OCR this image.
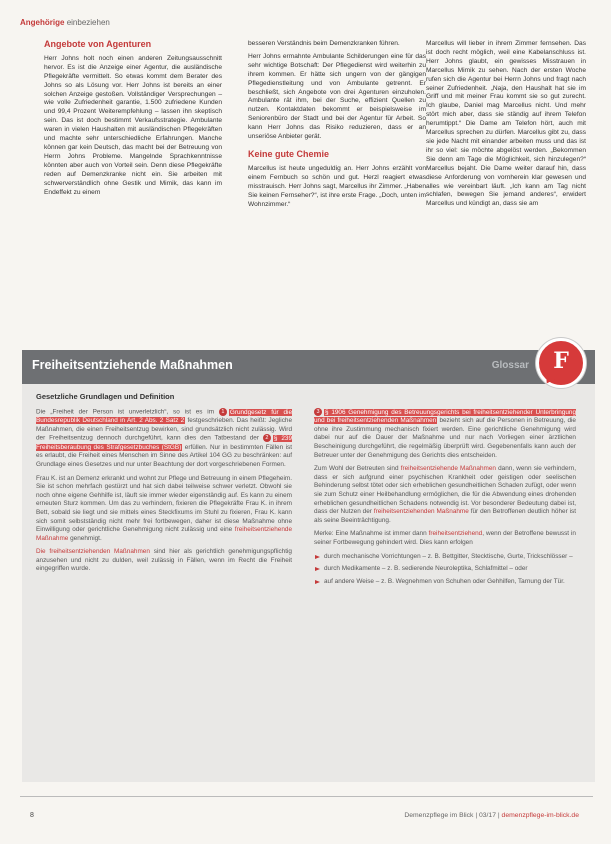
Angehörige einbeziehen
Angebote von Agenturen

Herr Johns holt noch einen anderen Zeitungsausschnitt hervor. Es ist die Anzeige einer Agentur, die ausländische Pflegekräfte vermittelt. So etwas kommt dem Berater des Johns so als Lösung vor. Herr Johns ist bereits an einer solchen Anzeige gestoßen. Vollständiger Versprechungen – wie volle Zufriedenheit garantie, 1.500 zufriedene Kunden und 99,4 Prozent Weiterempfehlung – lassen ihn skeptisch sein. Das ist doch bestimmt Verkaufsstrategie. Ambulante waren in vielen Haushalten mit ausländischen Pflegekräften und machte sehr unterschiedliche Erfahrungen. Manche können gar kein Deutsch, das macht bei der Betreuung von Herrn Johns Probleme. Mangelnde Sprachkenntnisse könnten aber auch von Vorteil sein. Denn diese Pflegekräfte reden auf Demenzkranke nicht ein. Sie arbeiten mit schwerverständlich ohne Gestik und Mimik, das kann im Endeffekt zu einem

besseren Verständnis beim Demenzkranken führen.

Herr Johns ermahnte Ambulante Schilderungen eine für das sehr wichtige Botschaft: Der Pflegedienst wird weiterhin zu ihrem kommen. Er hätte sich ungern von der gängigen Pflegedienstleitung und von Ambulante getrennt. Er beschließt, sich Angebote von drei Agenturen einzuholen. Ambulante rät ihm, bei der Suche, effizient Quellen zu nutzen. Kontaktdaten bekommt er beispielsweise im Seniorenbüro der Stadt und bei der Agentur für Arbeit. So kann Herr Johns das Risiko reduzieren, dass er an unseriöse Anbieter gerät.

Keine gute Chemie

Marcellus ist heute ungeduldig an. Herr Johns erzählt von einem Fernbuch so schön und gut. Herzl reagiert etwas misstrauisch. Herr Johns sagt, Marcellus ihr Zimmer. „Haben Sie keinen Fernseher?“, ist ihre erste Frage. „Doch, unten im Wohnzimmer.“

Marcellus will lieber in ihrem Zimmer fernsehen. Das ist doch recht möglich, weil eine Kabelanschluss ist. Herr Johns glaubt, ein gewisses Misstrauen in Marcellus Mimik zu sehen. Nach der ersten Woche rufen sich die Agentur bei Herrn Johns und fragt nach seiner Zufriedenheit. „Naja, den Haushalt hat sie im Griff und mit meiner Frau kommt sie so gut zurecht. Ich glaube, Daniel mag Marcellus nicht. Und mehr stört mich aber, dass sie ständig auf ihrem Telefon herumtippt.“ Die Dame am Telefon hört, auch mit Marcellus sprechen zu dürfen. Marcellus gibt zu, dass sie jede Nacht mit einander arbeiten muss und das ist ihr so viel: sie möchte abgelöst werden. „Bekommen Sie denn am Tage die Möglichkeit, sich hinzulegen?“ Marcellus bejaht. Die Dame weiter darauf hin, dass diese Anforderung von vornherein klar gewesen und alles wie vereinbart läuft. „Ich kann am Tag nicht schlafen, bewegen Sie jemand anderes“, erwidert Marcellus und kündigt an, dass sie am

Freiheitsentziehende Maßnahmen	Glossar	F
Gesetzliche Grundlagen und Definition

Die „Freiheit der Person ist unverletzlich“, so ist es im 1 Grundgesetz für die Bundesrepublik Deutschland in Art. 2 Abs. 2 Satz 2 festgeschrieben. Das heißt: Jegliche Maßnahmen, die einen Freiheitsentzug bewirken, sind grundsätzlich nicht zulässig. Wird der Freiheitsentzug dennoch durchgeführt, kann dies den Tatbestand der 2 § 239 Freiheitsberaubung des Strafgesetzbuches (StGB) erfüllen. Nur in bestimmten Fällen ist es erlaubt, die Freiheit eines Menschen im Sinne des Artikel 104 GG zu beschränken: auf Grundlage eines Gesetzes und nur unter Beachtung der dort vorgeschriebenen Formen.

Frau K. ist an Demenz erkrankt und wohnt zur Pflege und Betreuung in einem Pflegeheim. Sie ist schon mehrfach gestürzt und hat sich dabei teilweise schwer verletzt. Obwohl sie noch ohne eigene Gehhilfe ist, läuft sie immer wieder eigenständig auf. Es kann zu einem erneuten Sturz kommen. Um das zu verhindern, fixieren die Pflegekräfte Frau K. in ihrem Bett, sobald sie liegt und sie mittels eines Steckfixums im Stuhl zu fixieren, Frau K. kann sich somit selbstständig nicht mehr frei fortbewegen, daher ist diese Maßnahme ohne Einwilligung oder gerichtliche Genehmigung nicht zulässig und eine freiheitsentziehende Maßnahme genehmigt.

Die freiheitsentziehenden Maßnahmen sind hier als gerichtlich genehmigungspflichtig anzusehen und nicht zu dulden, weil zulässig in Fällen, wenn im Recht die Freiheit eingegriffen wurde.

3 § 1906 Genehmigung des Betreuungsgerichts bei freiheitsentziehender Unterbringung und bei freiheitsentziehenden Maßnahmen bezieht sich auf die Personen in Betreuung, die ohne ihre Zustimmung mechanisch fixiert werden. Eine gerichtliche Genehmigung wird dabei nur auf die Dauer der Maßnahme und nur nach Vorliegen einer ärztlichen Bescheinigung durchgeführt, die regelmäßig überprüft wird. Gegebenenfalls kann auch der Betreuer unter der Genehmigung des Gerichts dies entscheiden.

Zum Wohl der Betreuten sind freiheitsentziehende Maßnahmen dann, wenn sie verhindern, dass er sich aufgrund einer psychischen Krankheit oder geistigen oder seelischen Behinderung selbst tötet oder sich erheblichen gesundheitlichen Schaden zufügt, oder wenn sie zum Schutz einer Heilbehandlung ermöglichen, die für die Abwendung eines drohenden erheblichen gesundheitlichen Schadens notwendig ist. Vor besonderer Bedeutung dabei ist, dass der Nutzen der freiheitsentziehenden Maßnahme für den Betroffenen deutlich höher ist als seine Beeinträchtigung.

Merke: Eine Maßnahme ist immer dann freiheitsentziehend, wenn der Betroffene bewusst in seiner Fortbewegung gehindert wird. Dies kann erfolgen

durch mechanische Vorrichtungen – z. B. Bettgitter, Stecktische, Gurte, Trickschlösser –
durch Medikamente – z. B. sedierende Neuroleptika, Schlafmittel – oder
auf andere Weise – z. B. Wegnehmen von Schuhen oder Gehhilfen, Tarnung der Tür.
8	Demenzpflege im Blick | 03/17 | demenzpflege-im-blick.de
